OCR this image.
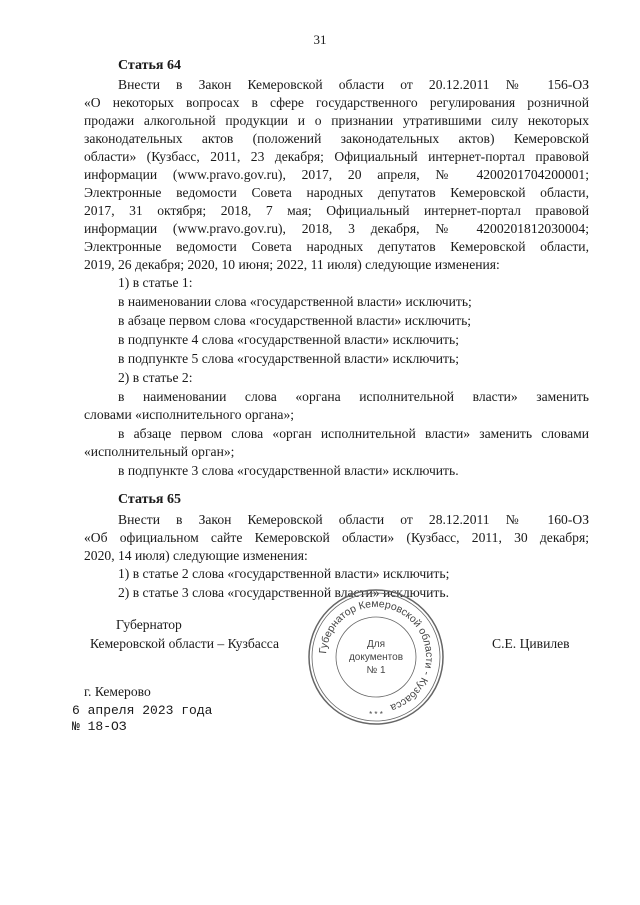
31
Статья 64
Внести в Закон Кемеровской области от 20.12.2011 № 156-ОЗ
«О некоторых вопросах в сфере государственного регулирования розничной
продажи алкогольной продукции и о признании утратившими силу некоторых
законодательных актов (положений законодательных актов) Кемеровской
области» (Кузбасс, 2011, 23 декабря; Официальный интернет-портал правовой
информации (www.pravo.gov.ru), 2017, 20 апреля, № 4200201704200001;
Электронные ведомости Совета народных депутатов Кемеровской области,
2017, 31 октября; 2018, 7 мая; Официальный интернет-портал правовой
информации (www.pravo.gov.ru), 2018, 3 декабря, № 4200201812030004;
Электронные ведомости Совета народных депутатов Кемеровской области,
2019, 26 декабря; 2020, 10 июня; 2022, 11 июля) следующие изменения:
1) в статье 1:
в наименовании слова «государственной власти» исключить;
в абзаце первом слова «государственной власти» исключить;
в подпункте 4 слова «государственной власти» исключить;
в подпункте 5 слова «государственной власти» исключить;
2) в статье 2:
в наименовании слова «органа исполнительной власти» заменить
словами «исполнительного органа»;
в абзаце первом слова «орган исполнительной власти» заменить словами
«исполнительный орган»;
в подпункте 3 слова «государственной власти» исключить.
Статья 65
Внести в Закон Кемеровской области от 28.12.2011 № 160-ОЗ
«Об официальном сайте Кемеровской области» (Кузбасс, 2011, 30 декабря;
2020, 14 июля) следующие изменения:
1) в статье 2 слова «государственной власти» исключить;
2) в статье 3 слова «государственной власти» исключить.
Губернатор
Кемеровской области – Кузбасса	С.Е. Цивилев
Губернатор Кемеровской области - Кузбасса
Для
документов
№ 1
* * *
г. Кемерово
6 апреля 2023 года
№ 18-ОЗ
